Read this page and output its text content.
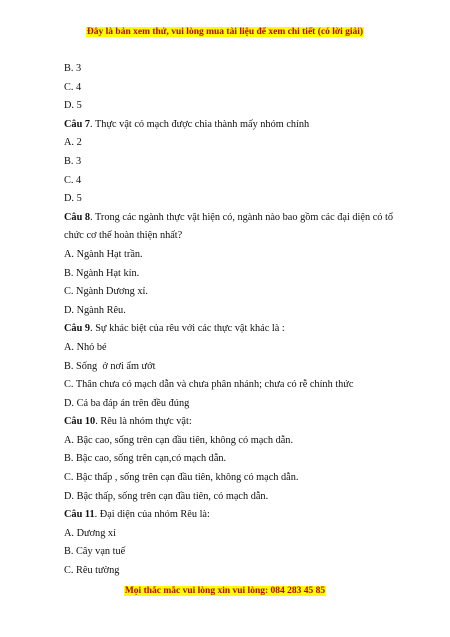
Đây là bản xem thử, vui lòng mua tài liệu để xem chi tiết (có lời giải)
B. 3
C. 4
D. 5
Câu 7. Thực vật có mạch được chia thành mấy nhóm chính
A. 2
B. 3
C. 4
D. 5
Câu 8. Trong các ngành thực vật hiện có, ngành nào bao gồm các đại diện có tổ chức cơ thể hoàn thiện nhất?
A. Ngành Hạt trần.
B. Ngành Hạt kín.
C. Ngành Dương xỉ.
D. Ngành Rêu.
Câu 9. Sự khác biệt của rêu với các thực vật khác là :
A. Nhỏ bé
B. Sống  ở nơi ẩm ướt
C. Thân chưa có mạch dẫn và chưa phân nhánh; chưa có rễ chính thức
D. Cả ba đáp án trên đều đúng
Câu 10. Rêu là nhóm thực vật:
A. Bậc cao, sống trên cạn đầu tiên, không có mạch dẫn.
B. Bậc cao, sống trên cạn,có mạch dẫn.
C. Bậc thấp , sống trên cạn đầu tiên, không có mạch dẫn.
D. Bậc thấp, sống trên cạn đầu tiên, có mạch dẫn.
Câu 11. Đại diện của nhóm Rêu là:
A. Dương xỉ
B. Cây vạn tuế
C. Rêu tường
Mọi thắc mắc vui lòng xin vui lòng: 084 283 45 85
